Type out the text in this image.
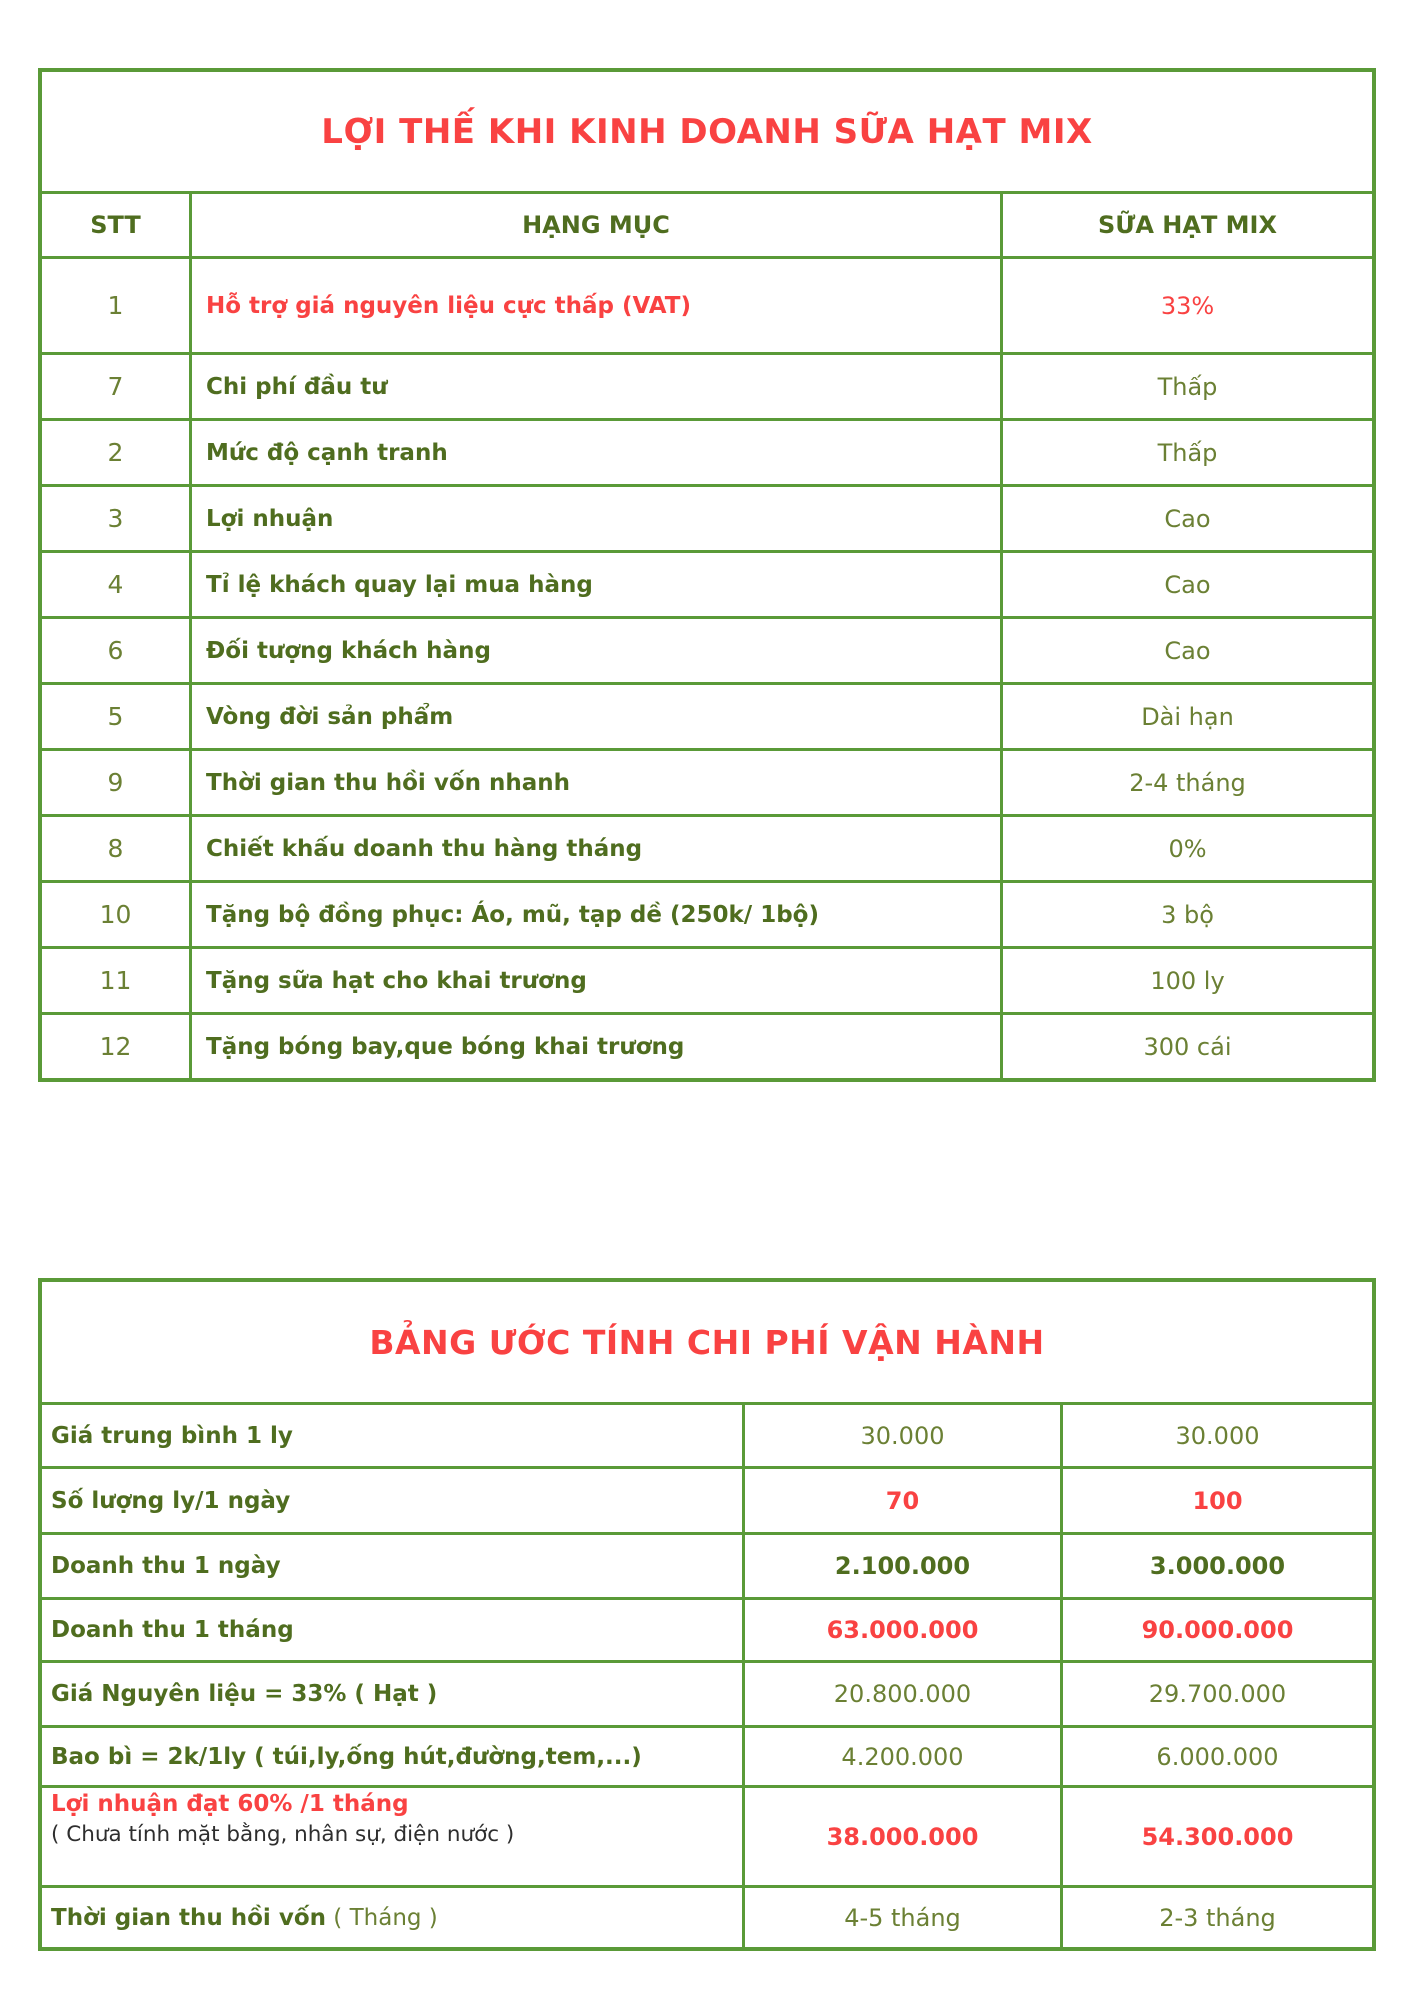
LỢI THẾ KHI KINH DOANH SỮA HẠT MIX
STT	HẠNG MỤC	SỮA HẠT MIX
1	Hỗ trợ giá nguyên liệu cực thấp (VAT)	33%
7	Chi phí đầu tư	Thấp
2	Mức độ cạnh tranh	Thấp
3	Lợi nhuận	Cao
4	Tỉ lệ khách quay lại mua hàng	Cao
6	Đối tượng khách hàng	Cao
5	Vòng đời sản phẩm	Dài hạn
9	Thời gian thu hồi vốn nhanh	2-4 tháng
8	Chiết khấu doanh thu hàng tháng	0%
10	Tặng bộ đồng phục: Áo, mũ, tạp dề (250k/ 1bộ)	3 bộ
11	Tặng sữa hạt cho khai trương	100 ly
12	Tặng bóng bay,que bóng khai trương	300 cái
BẢNG ƯỚC TÍNH CHI PHÍ VẬN HÀNH
Giá trung bình 1 ly	30.000	30.000
Số lượng ly/1 ngày	70	100
Doanh thu 1 ngày	2.100.000	3.000.000
Doanh thu 1 tháng	63.000.000	90.000.000
Giá Nguyên liệu = 33% ( Hạt )	20.800.000	29.700.000
Bao bì = 2k/1ly ( túi,ly,ống hút,đường,tem,...)	4.200.000	6.000.000
Lợi nhuận đạt 60% /1 tháng
( Chưa tính mặt bằng, nhân sự, điện nước )	38.000.000	54.300.000
Thời gian thu hồi vốn ( Tháng )	4-5 tháng	2-3 tháng
